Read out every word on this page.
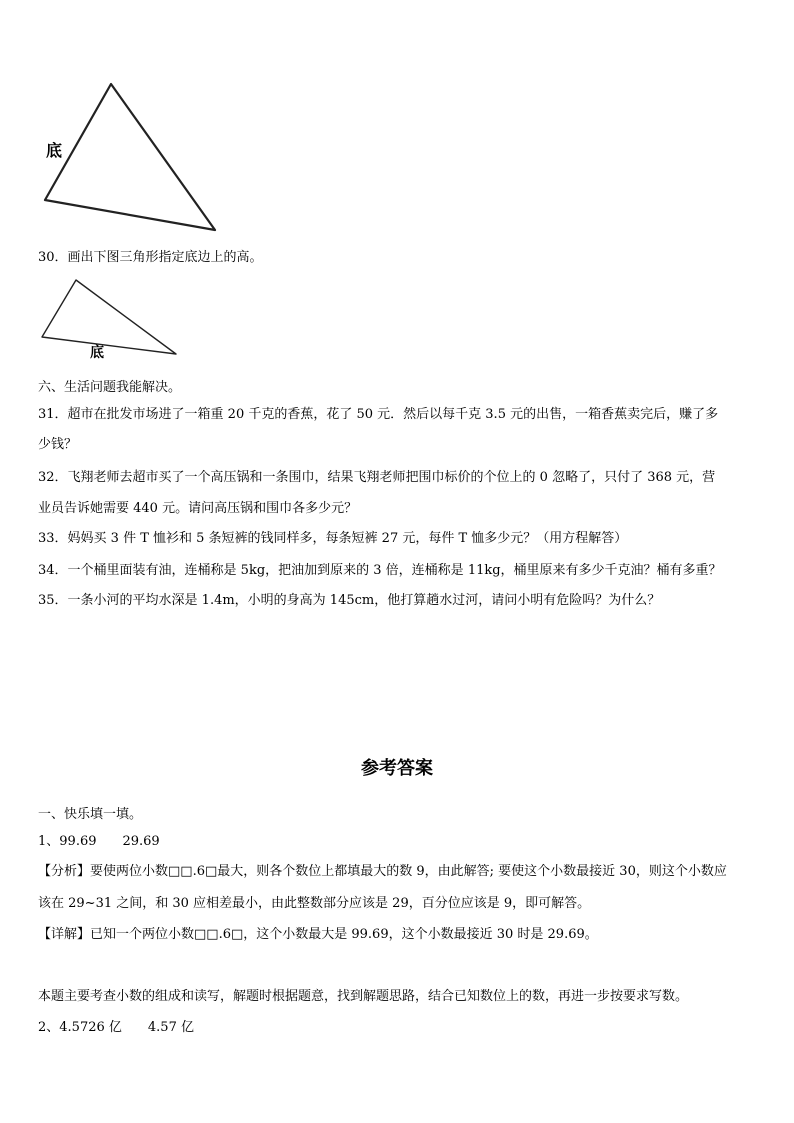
底
30．画出下图三角形指定底边上的高。
底
六、生活问题我能解决。
31．超市在批发市场进了一箱重 20 千克的香蕉，花了 50 元．然后以每千克 3.5 元的出售，一箱香蕉卖完后，赚了多
少钱？
32．飞翔老师去超市买了一个高压锅和一条围巾，结果飞翔老师把围巾标价的个位上的 0 忽略了，只付了 368 元，营
业员告诉她需要 440 元。请问高压锅和围巾各多少元？
33．妈妈买 3 件 T 恤衫和 5 条短裤的钱同样多，每条短裤 27 元，每件 T 恤多少元？（用方程解答）
34．一个桶里面装有油，连桶称是 5kg，把油加到原来的 3 倍，连桶称是 11kg，桶里原来有多少千克油？桶有多重？
35．一条小河的平均水深是 1.4m，小明的身高为 145cm，他打算趟水过河，请问小明有危险吗？为什么？
参考答案
一、快乐填一填。
1、99.69　　29.69
【分析】要使两位小数□□.6□最大，则各个数位上都填最大的数 9，由此解答; 要使这个小数最接近 30，则这个小数应
该在 29~31 之间，和 30 应相差最小，由此整数部分应该是 29，百分位应该是 9，即可解答。
【详解】已知一个两位小数□□.6□，这个小数最大是 99.69，这个小数最接近 30 时是 29.69。
本题主要考查小数的组成和读写，解题时根据题意，找到解题思路，结合已知数位上的数，再进一步按要求写数。
2、4.5726 亿　　4.57 亿
